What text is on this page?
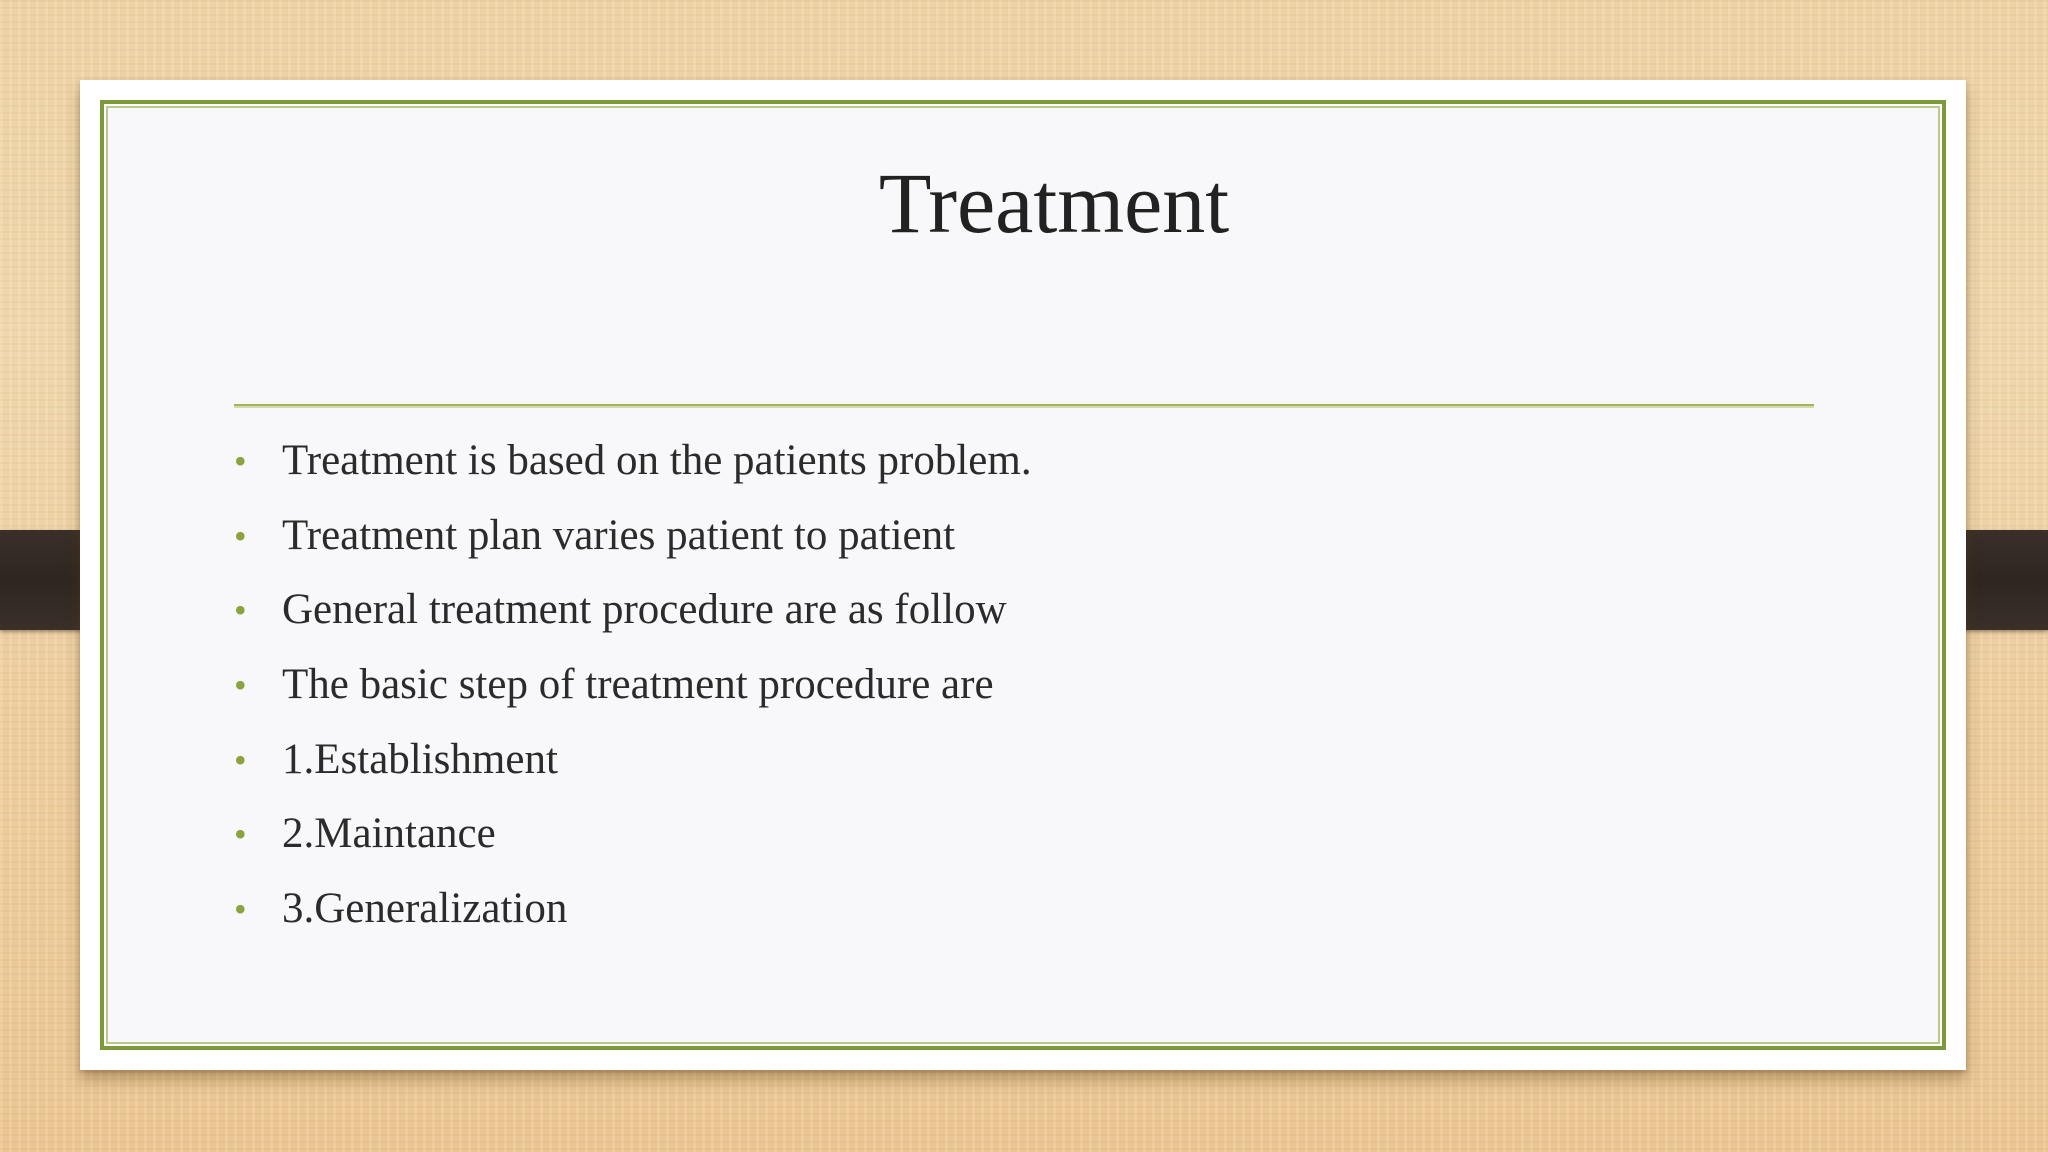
Treatment
• Treatment is based on the patients problem.
• Treatment plan varies patient to patient
• General treatment procedure are as follow
• The basic step of treatment procedure are
• 1.Establishment
• 2.Maintance
• 3.Generalization
